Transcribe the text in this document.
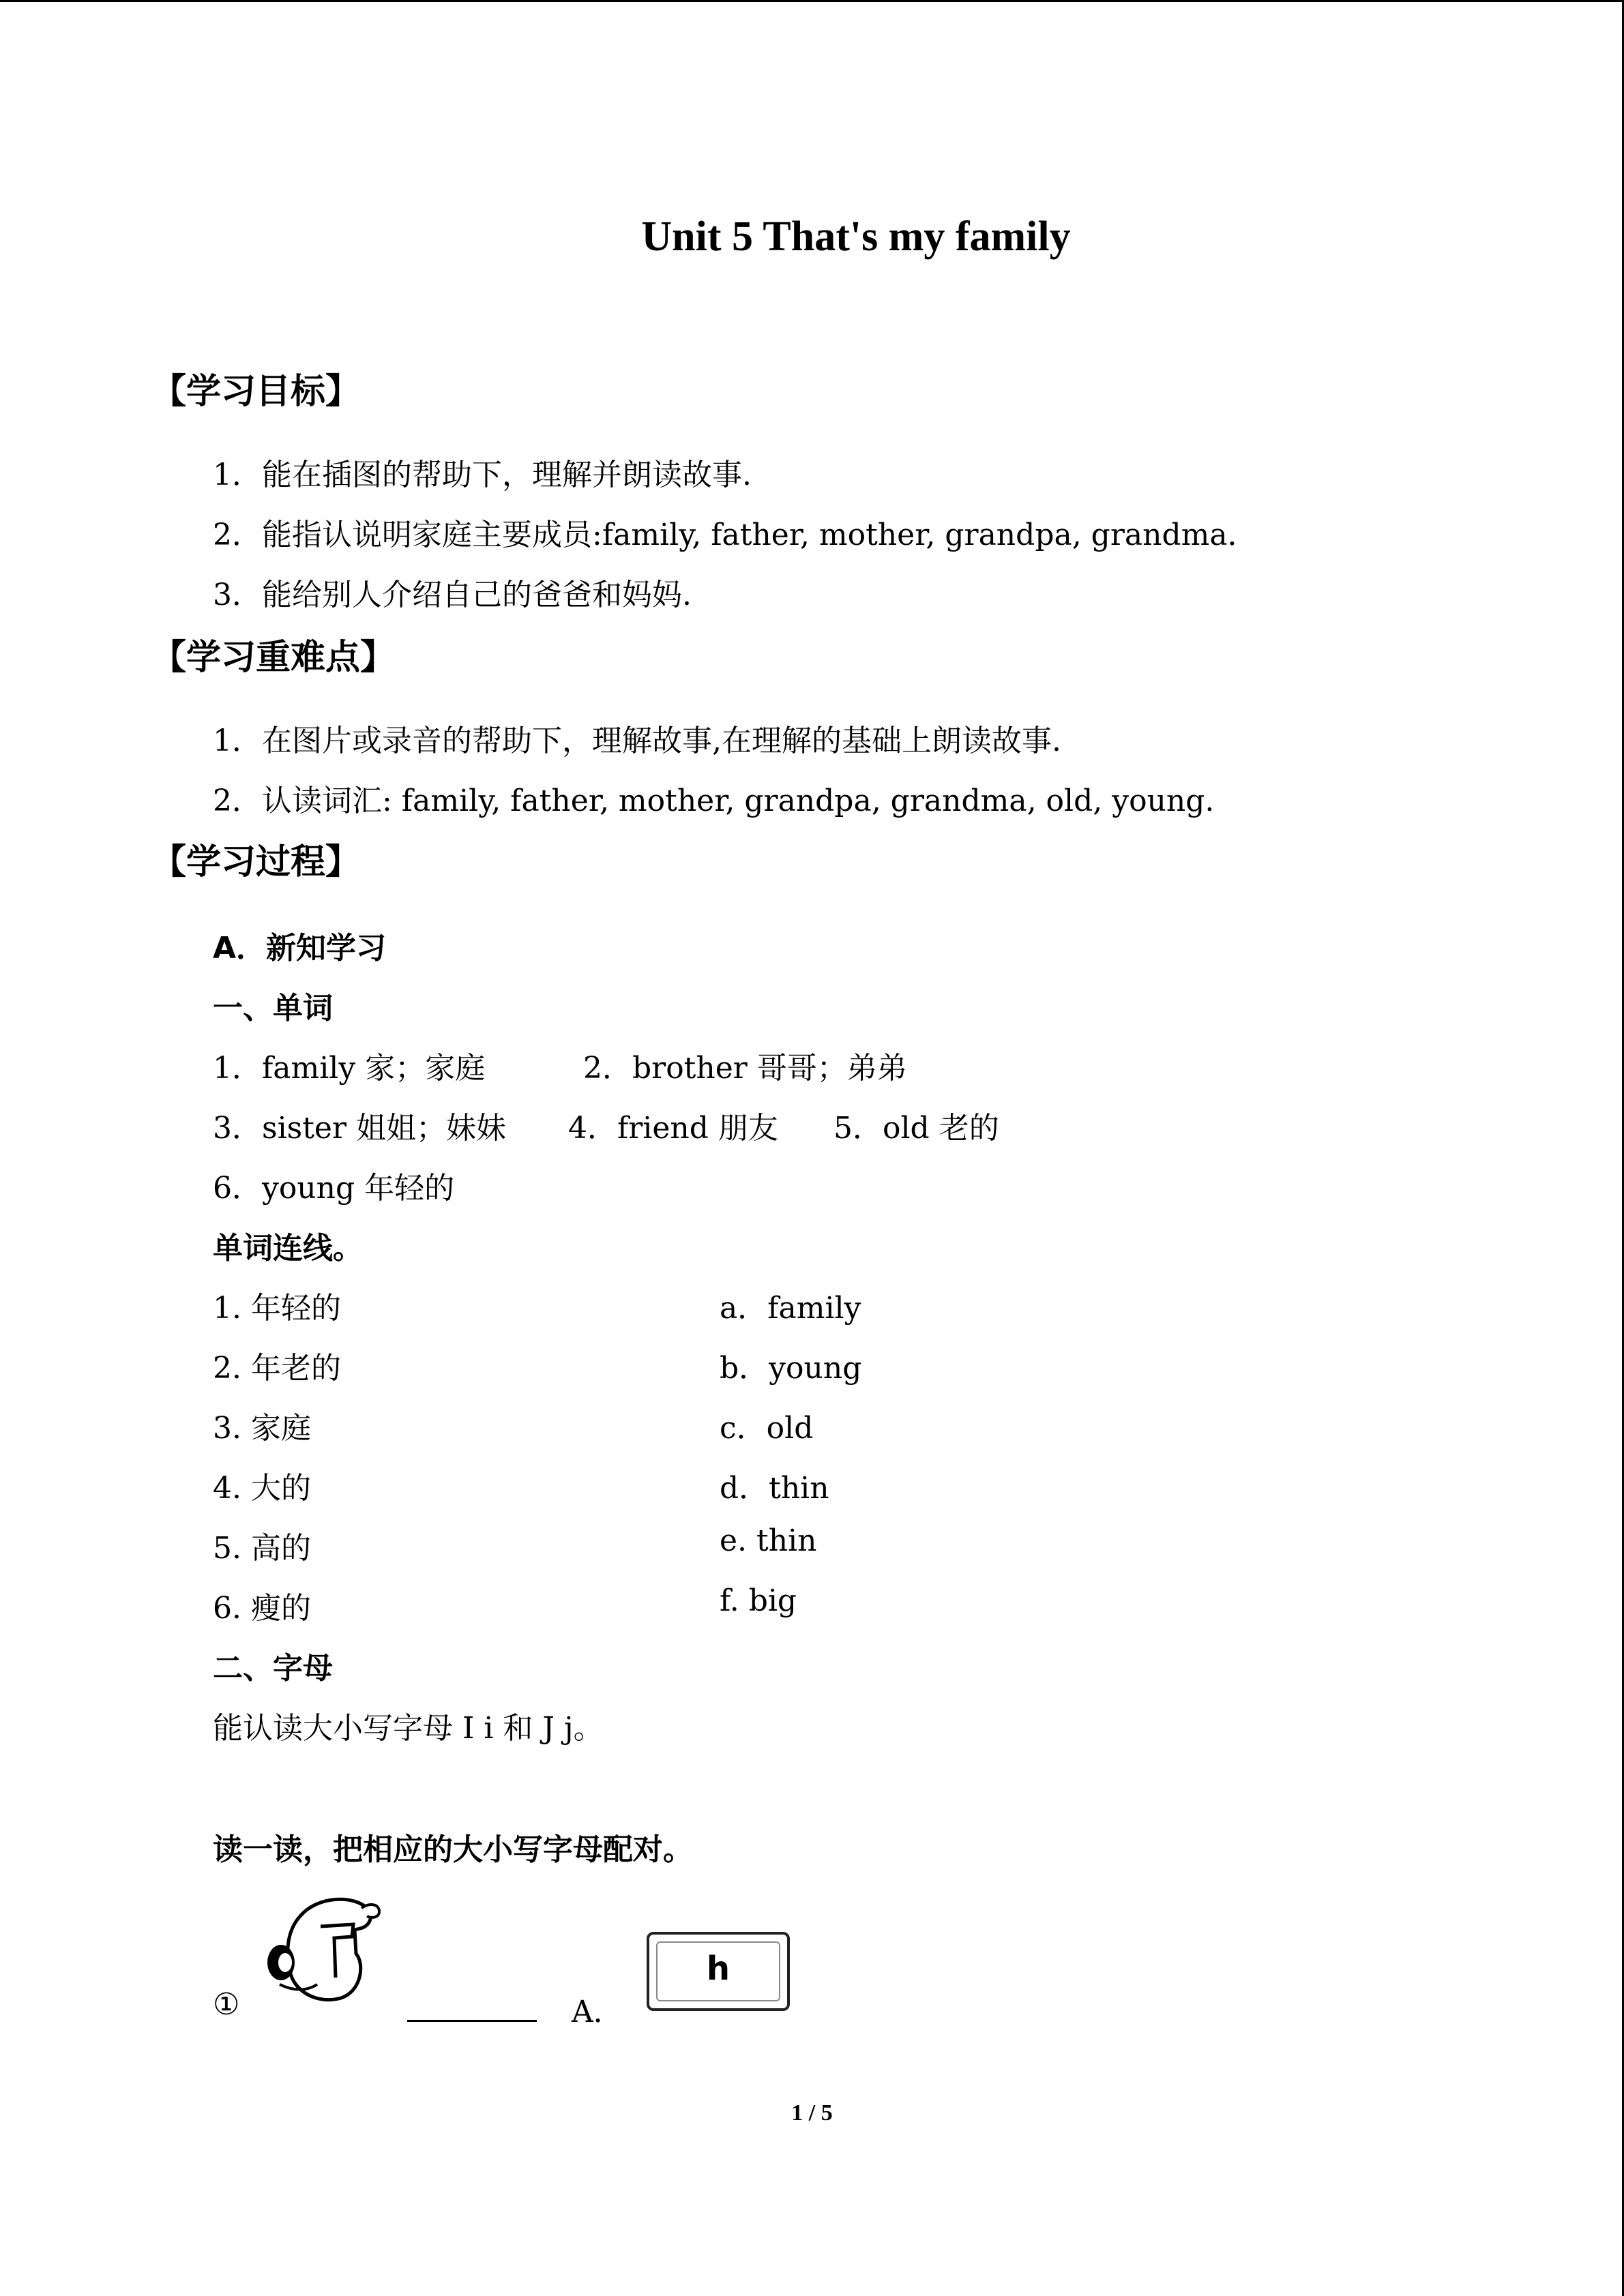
Unit 5 That's my family
【学习目标】
1．能在插图的帮助下，理解并朗读故事.
2．能指认说明家庭主要成员:family, father, mother, grandpa, grandma．
3．能给别人介绍自己的爸爸和妈妈.
【学习重难点】
1．在图片或录音的帮助下，理解故事,在理解的基础上朗读故事.
2．认读词汇: family, father, mother, grandpa, grandma, old, young.
【学习过程】
A．新知学习
一、单词
1．family 家；家庭	2．brother 哥哥；弟弟
3．sister 姐姐；妹妹 4．friend 朋友 5．old 老的
6．young 年轻的
单词连线。
1. 年轻的
2. 年老的
3. 家庭
4. 大的
5. 高的
6. 瘦的
a．family
b．young
c．old
d．thin
e. thin
f. big
二、字母
能认读大小写字母 I i 和 J j。
读一读，把相应的大小写字母配对。
①	A．
h
1 / 5
